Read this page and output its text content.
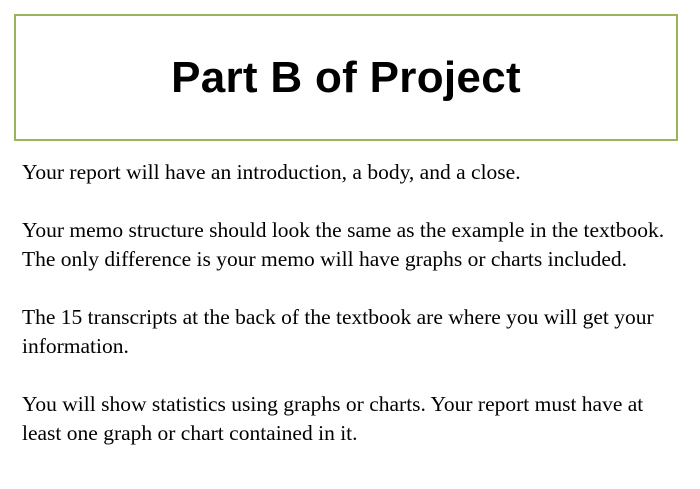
Part B of Project

Your report will have an introduction, a body, and a close.

Your memo structure should look the same as the example in the textbook. The only difference is your memo will have graphs or charts included.

The 15 transcripts at the back of the textbook are where you will get your information.

You will show statistics using graphs or charts. Your report must have at least one graph or chart contained in it.
